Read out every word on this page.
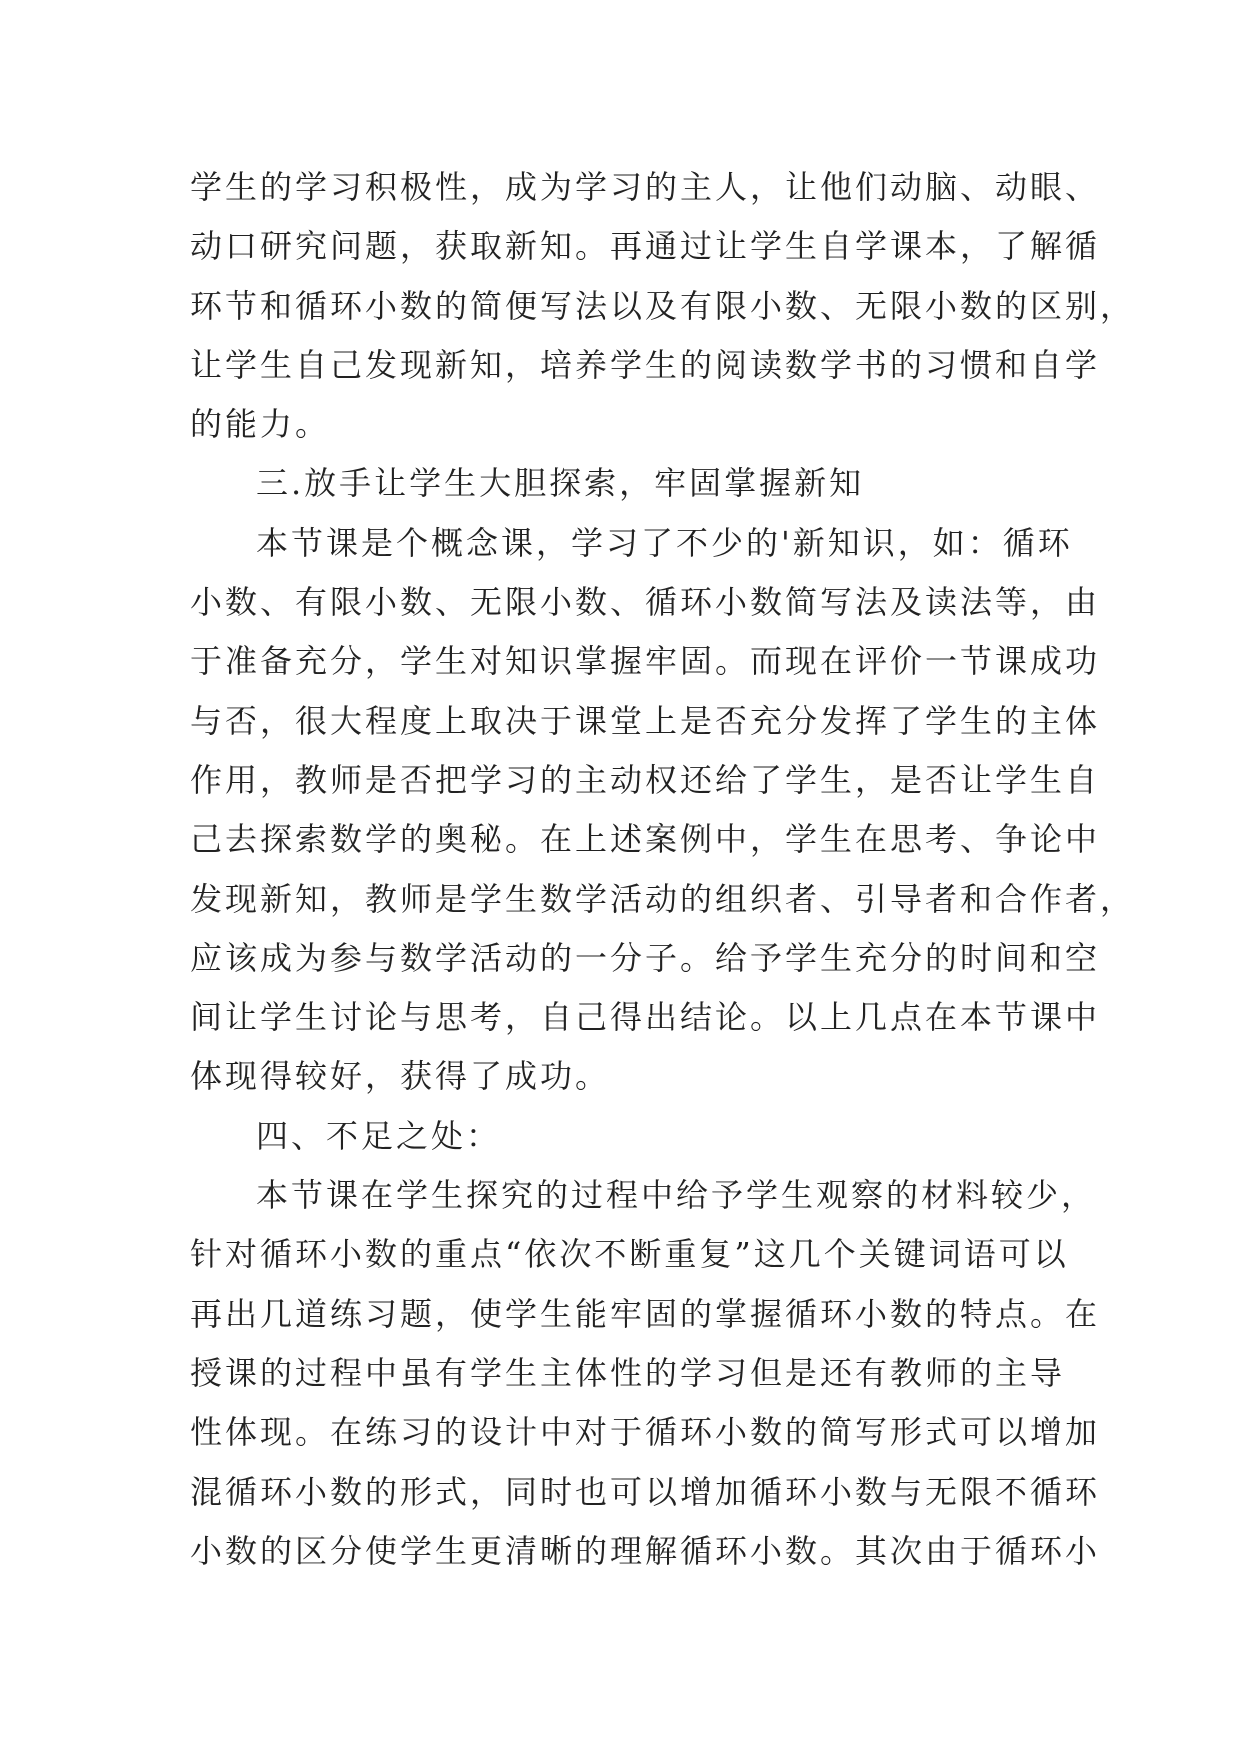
学生的学习积极性，成为学习的主人，让他们动脑、动眼、
动口研究问题，获取新知。再通过让学生自学课本，了解循
环节和循环小数的简便写法以及有限小数、无限小数的区别，
让学生自己发现新知，培养学生的阅读数学书的习惯和自学
的能力。
三.放手让学生大胆探索，牢固掌握新知
本节课是个概念课，学习了不少的'新知识，如：循环
小数、有限小数、无限小数、循环小数简写法及读法等，由
于准备充分，学生对知识掌握牢固。而现在评价一节课成功
与否，很大程度上取决于课堂上是否充分发挥了学生的主体
作用，教师是否把学习的主动权还给了学生，是否让学生自
己去探索数学的奥秘。在上述案例中，学生在思考、争论中
发现新知，教师是学生数学活动的组织者、引导者和合作者，
应该成为参与数学活动的一分子。给予学生充分的时间和空
间让学生讨论与思考，自己得出结论。以上几点在本节课中
体现得较好，获得了成功。
四、不足之处：
本节课在学生探究的过程中给予学生观察的材料较少，
针对循环小数的重点“依次不断重复”这几个关键词语可以
再出几道练习题，使学生能牢固的掌握循环小数的特点。在
授课的过程中虽有学生主体性的学习但是还有教师的主导
性体现。在练习的设计中对于循环小数的简写形式可以增加
混循环小数的形式，同时也可以增加循环小数与无限不循环
小数的区分使学生更清晰的理解循环小数。其次由于循环小
